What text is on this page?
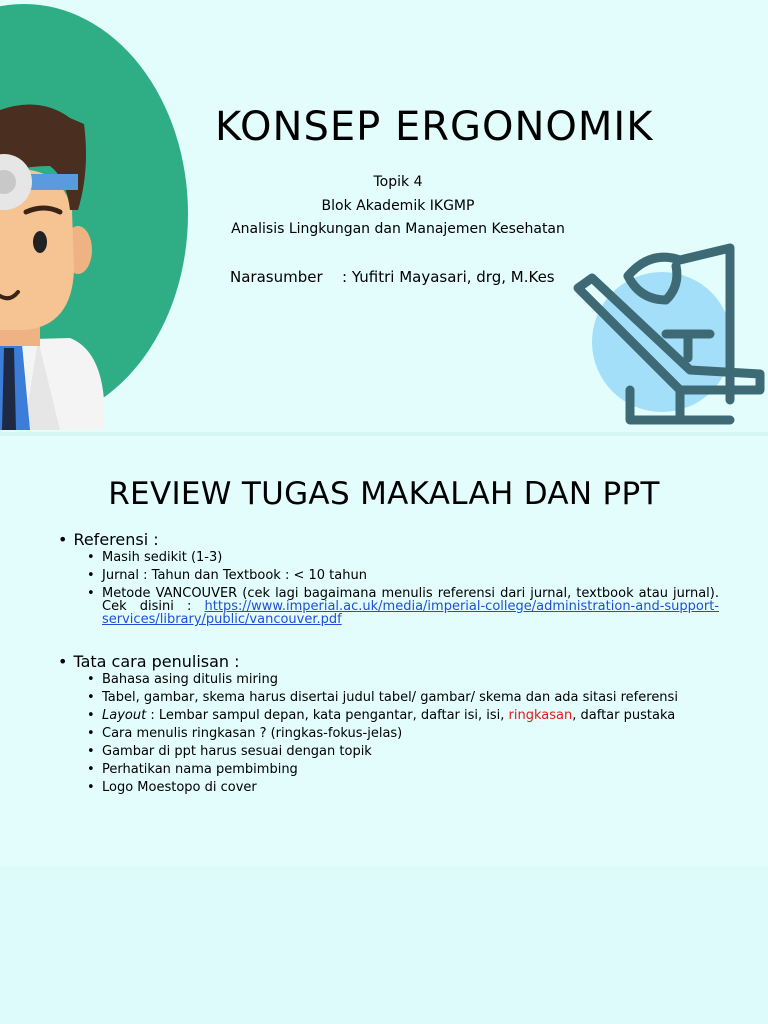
KONSEP ERGONOMIK
Topik 4
Blok Akademik IKGMP
Analisis Lingkungan dan Manajemen Kesehatan
Narasumber : Yufitri Mayasari, drg, M.Kes
REVIEW TUGAS MAKALAH DAN PPT
• Referensi :
• Masih sedikit (1-3)
• Jurnal : Tahun dan Textbook : < 10 tahun
• Metode VANCOUVER (cek lagi bagaimana menulis referensi dari jurnal, textbook atau jurnal). Cek disini : https://www.imperial.ac.uk/media/imperial-college/administration-and-support-services/library/public/vancouver.pdf
• Tata cara penulisan :
• Bahasa asing ditulis miring
• Tabel, gambar, skema harus disertai judul tabel/ gambar/ skema dan ada sitasi referensi
• Layout : Lembar sampul depan, kata pengantar, daftar isi, isi, ringkasan, daftar pustaka
• Cara menulis ringkasan ? (ringkas-fokus-jelas)
• Gambar di ppt harus sesuai dengan topik
• Perhatikan nama pembimbing
• Logo Moestopo di cover
